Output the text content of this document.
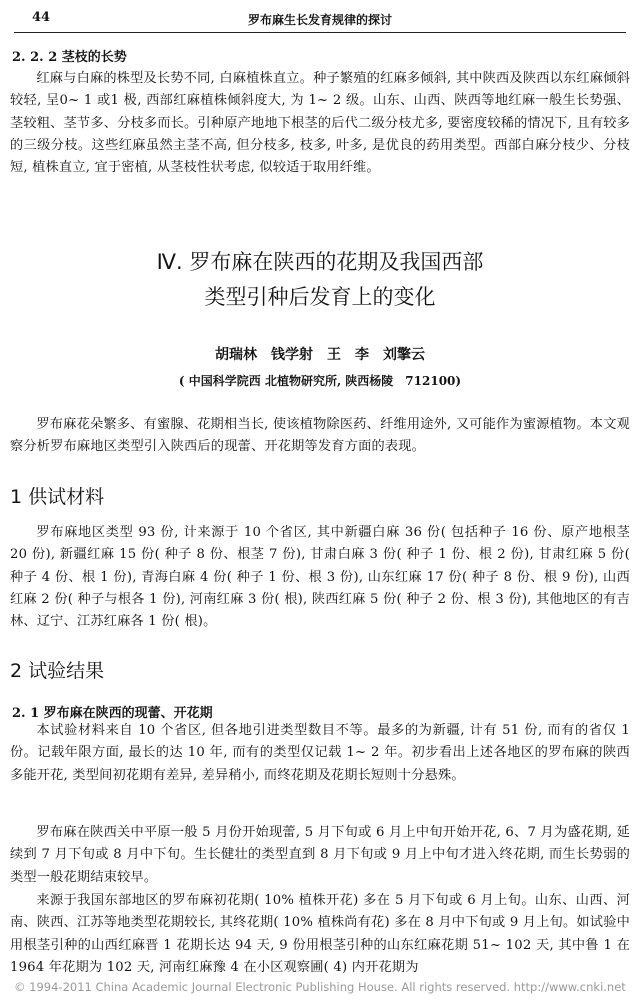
44	罗布麻生长发育规律的探讨

2. 2. 2 茎枝的长势

红麻与白麻的株型及长势不同, 白麻植株直立。种子繁殖的红麻多倾斜, 其中陕西及陕西以东红麻倾斜较轻, 呈0~ 1 或1 极, 西部红麻植株倾斜度大, 为 1~ 2 级。山东、山西、陕西等地红麻一般生长势强、茎较粗、茎节多、分枝多而长。引种原产地地下根茎的后代二级分枝尤多, 要密度较稀的情况下, 且有较多的三级分枝。这些红麻虽然主茎不高, 但分枝多, 枝多, 叶多, 是优良的药用类型。西部白麻分枝少、分枝短, 植株直立, 宜于密植, 从茎枝性状考虑, 似较适于取用纤维。

Ⅳ. 罗布麻在陕西的花期及我国西部
类型引种后发育上的变化

胡瑞林　钱学射　王　李　刘擎云

( 中国科学院西 北植物研究所, 陕西杨陵　712100)

罗布麻花朵繁多、有蜜腺、花期相当长, 使该植物除医药、纤维用途外, 又可能作为蜜源植物。本文观察分析罗布麻地区类型引入陕西后的现蕾、开花期等发育方面的表现。

1 供试材料

罗布麻地区类型 93 份, 计来源于 10 个省区, 其中新疆白麻 36 份( 包括种子 16 份、原产地根茎 20 份), 新疆红麻 15 份( 种子 8 份、根茎 7 份), 甘肃白麻 3 份( 种子 1 份、根 2 份), 甘肃红麻 5 份( 种子 4 份、根 1 份), 青海白麻 4 份( 种子 1 份、根 3 份), 山东红麻 17 份( 种子 8 份、根 9 份), 山西红麻 2 份( 种子与根各 1 份), 河南红麻 3 份( 根), 陕西红麻 5 份( 种子 2 份、根 3 份), 其他地区的有吉林、辽宁、江苏红麻各 1 份( 根)。

2 试验结果

2. 1 罗布麻在陕西的现蕾、开花期

本试验材料来自 10 个省区, 但各地引进类型数目不等。最多的为新疆, 计有 51 份, 而有的省仅 1 份。记载年限方面, 最长的达 10 年, 而有的类型仅记载 1~ 2 年。初步看出上述各地区的罗布麻的陕西多能开花, 类型间初花期有差异, 差异稍小, 而终花期及花期长短则十分悬殊。

罗布麻在陕西关中平原一般 5 月份开始现蕾, 5 月下旬或 6 月上中旬开始开花, 6、7 月为盛花期, 延续到 7 月下旬或 8 月中下旬。生长健壮的类型直到 8 月下旬或 9 月上中旬才进入终花期, 而生长势弱的类型一般花期结束较早。

来源于我国东部地区的罗布麻初花期( 10% 植株开花) 多在 5 月下旬或 6 月上旬。山东、山西、河南、陕西、江苏等地类型花期较长, 其终花期( 10% 植株尚有花) 多在 8 月中下旬或 9 月上旬。如试验中用根茎引种的山西红麻晋 1 花期长达 94 天, 9 份用根茎引种的山东红麻花期 51~ 102 天, 其中鲁 1 在 1964 年花期为 102 天, 河南红麻豫 4 在小区观察圃( 4) 内开花期为

© 1994-2011 China Academic Journal Electronic Publishing House. All rights reserved. http://www.cnki.net
